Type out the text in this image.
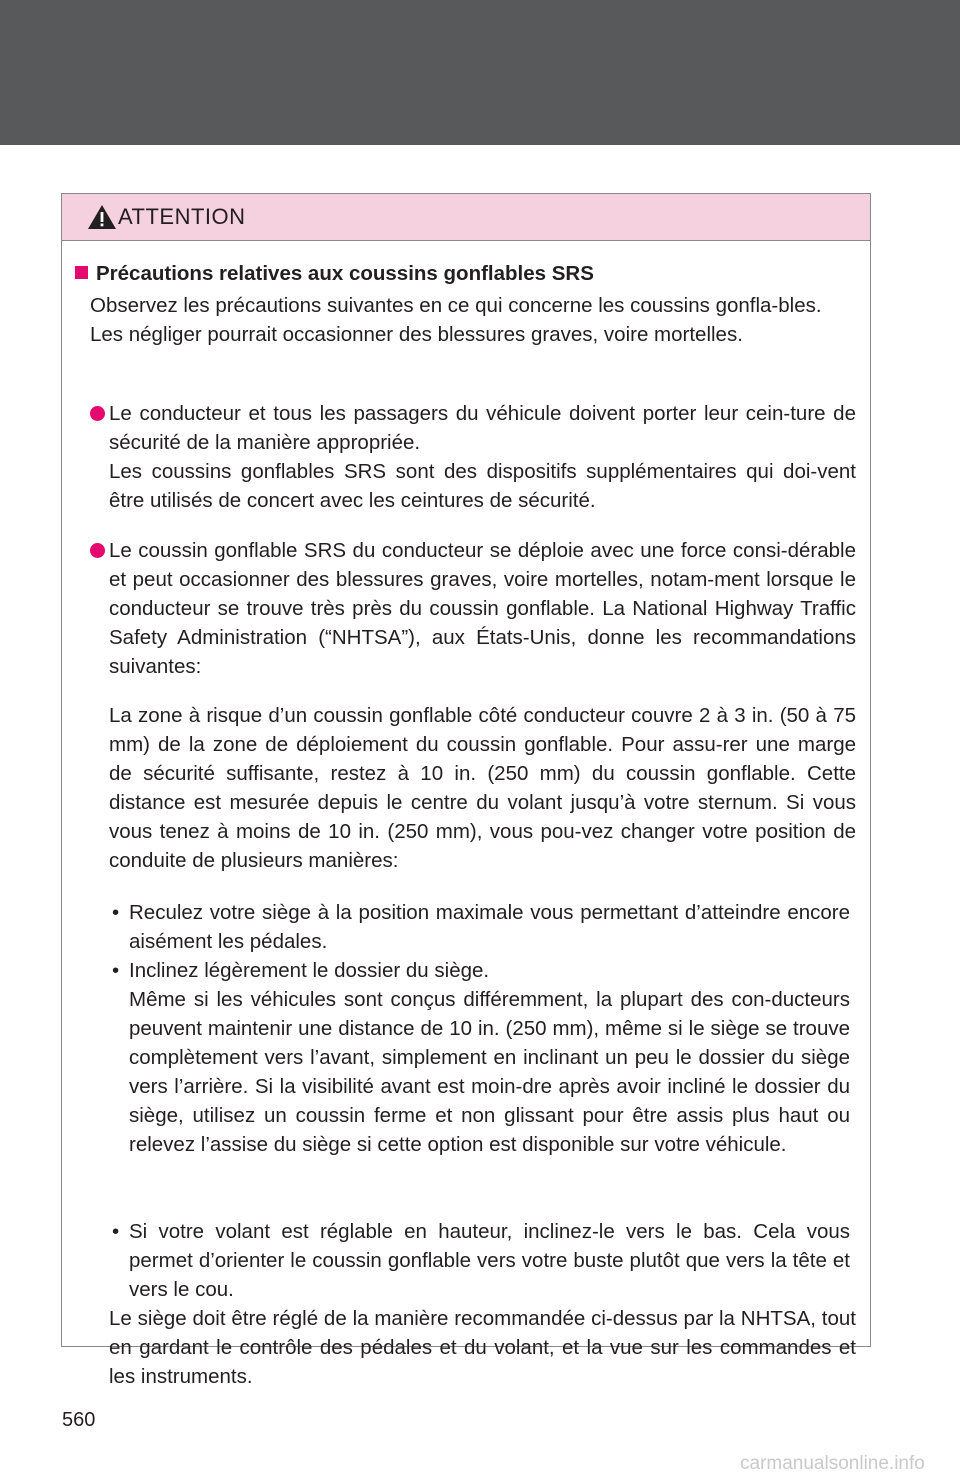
ATTENTION
Précautions relatives aux coussins gonflables SRS
Observez les précautions suivantes en ce qui concerne les coussins gonfla-bles.
Les négliger pourrait occasionner des blessures graves, voire mortelles.
Le conducteur et tous les passagers du véhicule doivent porter leur cein-ture de sécurité de la manière appropriée.
Les coussins gonflables SRS sont des dispositifs supplémentaires qui doi-vent être utilisés de concert avec les ceintures de sécurité.
Le coussin gonflable SRS du conducteur se déploie avec une force consi-dérable et peut occasionner des blessures graves, voire mortelles, notam-ment lorsque le conducteur se trouve très près du coussin gonflable. La National Highway Traffic Safety Administration (“NHTSA”), aux États-Unis, donne les recommandations suivantes:
La zone à risque d’un coussin gonflable côté conducteur couvre 2 à 3 in. (50 à 75 mm) de la zone de déploiement du coussin gonflable. Pour assu-rer une marge de sécurité suffisante, restez à 10 in. (250 mm) du coussin gonflable. Cette distance est mesurée depuis le centre du volant jusqu’à votre sternum. Si vous vous tenez à moins de 10 in. (250 mm), vous pou-vez changer votre position de conduite de plusieurs manières:
• Reculez votre siège à la position maximale vous permettant d’atteindre encore aisément les pédales.
• Inclinez légèrement le dossier du siège.
Même si les véhicules sont conçus différemment, la plupart des con-ducteurs peuvent maintenir une distance de 10 in. (250 mm), même si le siège se trouve complètement vers l’avant, simplement en inclinant un peu le dossier du siège vers l’arrière. Si la visibilité avant est moin-dre après avoir incliné le dossier du siège, utilisez un coussin ferme et non glissant pour être assis plus haut ou relevez l’assise du siège si cette option est disponible sur votre véhicule.
• Si votre volant est réglable en hauteur, inclinez-le vers le bas. Cela vous permet d’orienter le coussin gonflable vers votre buste plutôt que vers la tête et vers le cou.
Le siège doit être réglé de la manière recommandée ci-dessus par la NHTSA, tout en gardant le contrôle des pédales et du volant, et la vue sur les commandes et les instruments.
560
carmanualsonline.info
